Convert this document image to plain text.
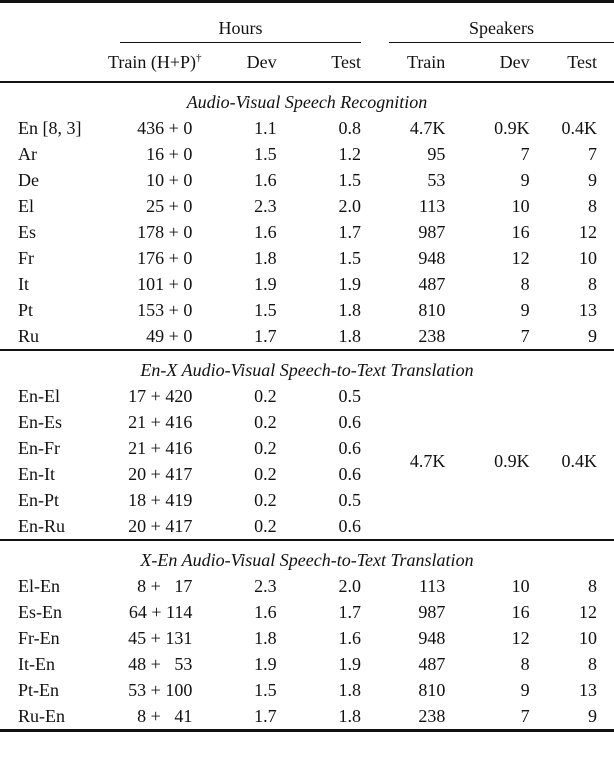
	Hours			Speakers		

	Train (H+P)†	Dev	Test	Train	Dev	Test
Audio-Visual Speech Recognition						
En [8, 3]	436 + 0	1.1	0.8	4.7K	0.9K	0.4K
Ar	16 + 0	1.5	1.2	95	7	7
De	10 + 0	1.6	1.5	53	9	9
El	25 + 0	2.3	2.0	113	10	8
Es	178 + 0	1.6	1.7	987	16	12
Fr	176 + 0	1.8	1.5	948	12	10
It	101 + 0	1.9	1.9	487	8	8
Pt	153 + 0	1.5	1.8	810	9	13
Ru	49 + 0	1.7	1.8	238	7	9
En-X Audio-Visual Speech-to-Text Translation						
En-El	17 + 420	0.2	0.5	4.7K	0.9K	0.4K
En-Es	21 + 416	0.2	0.6			
En-Fr	21 + 416	0.2	0.6			
En-It	20 + 417	0.2	0.6			
En-Pt	18 + 419	0.2	0.5			
En-Ru	20 + 417	0.2	0.6			
X-En Audio-Visual Speech-to-Text Translation						
El-En	8 +   17	2.3	2.0	113	10	8
Es-En	64 + 114	1.6	1.7	987	16	12
Fr-En	45 + 131	1.8	1.6	948	12	10
It-En	48 +   53	1.9	1.9	487	8	8
Pt-En	53 + 100	1.5	1.8	810	9	13
Ru-En	8 +   41	1.7	1.8	238	7	9
